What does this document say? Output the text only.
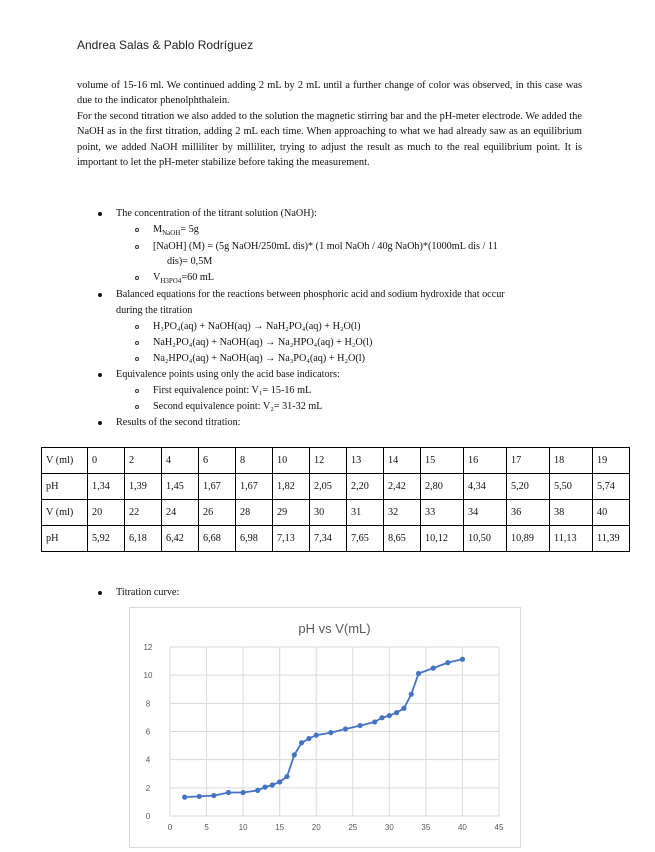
Andrea Salas & Pablo Rodríguez

volume of 15-16 ml. We continued adding 2 mL by 2 mL until a further change of color was observed, in this case was due to the indicator phenolphthalein.

For the second titration we also added to the solution the magnetic stirring bar and the pH-meter electrode. We added the NaOH as in the first titration, adding 2 mL each time. When approaching to what we had already saw as an equilibrium point, we added NaOH milliliter by milliliter, trying to adjust the result as much to the real equilibrium point. It is important to let the pH-meter stabilize before taking the measurement.

The concentration of the titrant solution (NaOH):
$M_{NaOH}= 5g$
[NaOH] (M) = (5g NaOH/250mL dis)* (1 mol NaOh / 40g NaOh)*(1000mL dis / 11
dis)= 0,5M
$V_{H3PO4}=60$ mL
Balanced equations for the reactions between phosphoric acid and sodium hydroxide that occur
during the titration
H₃PO₄(aq) + NaOH(aq) → NaH₂PO₄(aq) + H₂O(l)
NaH₂PO₄(aq) + NaOH(aq) → Na₂HPO₄(aq) + H₂O(l)
Na₂HPO₄(aq) + NaOH(aq) → Na₃PO₄(aq) + H₂O(l)
Equivalence points using only the acid base indicators:
First equivalence point: V₁= 15-16 mL
Second equivalence point: V₂= 31-32 mL
Results of the second titration:
V (ml)	0	2	4	6	8	10	12	13	14	15	16	17	18	19
pH	1,34	1,39	1,45	1,67	1,67	1,82	2,05	2,20	2,42	2,80	4,34	5,20	5,50	5,74
V (ml)	20	22	24	26	28	29	30	31	32	33	34	36	38	40
pH	5,92	6,18	6,42	6,68	6,98	7,13	7,34	7,65	8,65	10,12	10,50	10,89	11,13	11,39
Titration curve:
pH vs V(mL)
0	5	10	15	20	25	30	35	40	45
0
2
4
6
8
10
12
